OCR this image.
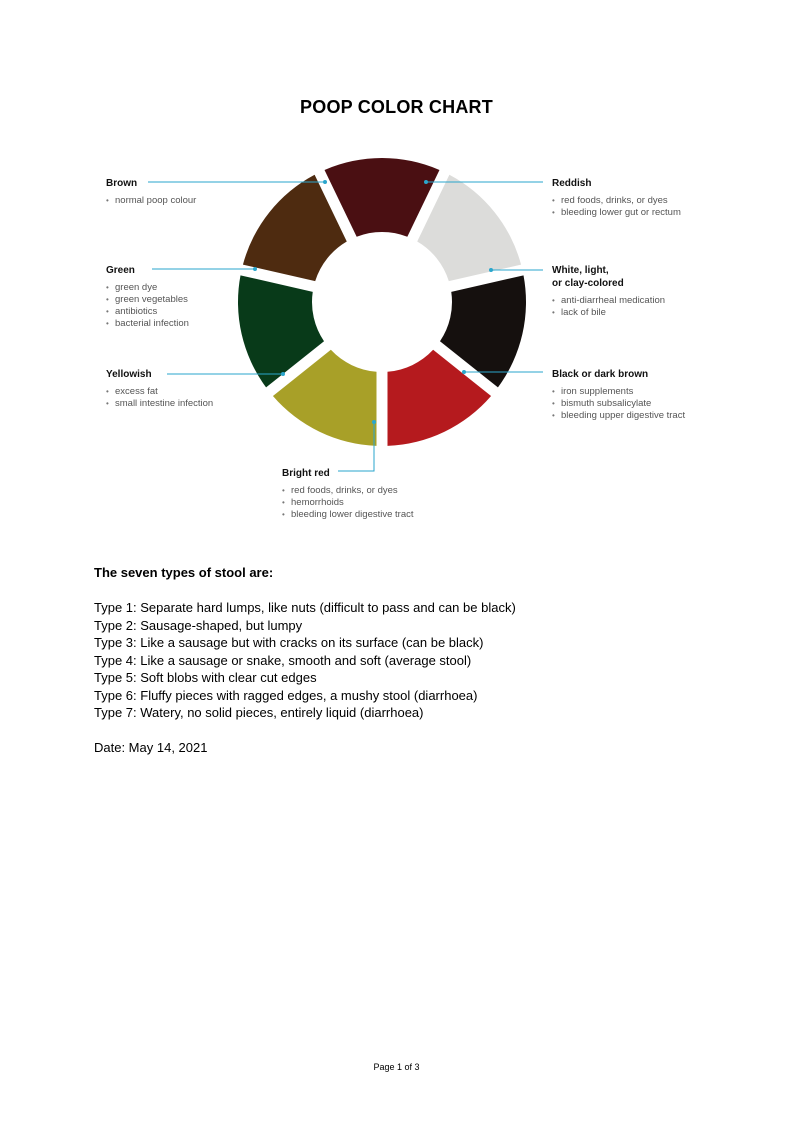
POOP COLOR CHART
Brown
• normal poop colour
Green
• green dye
• green vegetables
• antibiotics
• bacterial infection
Yellowish
• excess fat
• small intestine infection
Bright red
• red foods, drinks, or dyes
• hemorrhoids
• bleeding lower digestive tract
Reddish
• red foods, drinks, or dyes
• bleeding lower gut or rectum
White, light,
or clay-colored
• anti-diarrheal medication
• lack of bile
Black or dark brown
• iron supplements
• bismuth subsalicylate
• bleeding upper digestive tract
The seven types of stool are:
Type 1: Separate hard lumps, like nuts (difficult to pass and can be black)
Type 2: Sausage-shaped, but lumpy
Type 3: Like a sausage but with cracks on its surface (can be black)
Type 4: Like a sausage or snake, smooth and soft (average stool)
Type 5: Soft blobs with clear cut edges
Type 6: Fluffy pieces with ragged edges, a mushy stool (diarrhoea)
Type 7: Watery, no solid pieces, entirely liquid (diarrhoea)
Date: May 14, 2021
Page 1 of 3
